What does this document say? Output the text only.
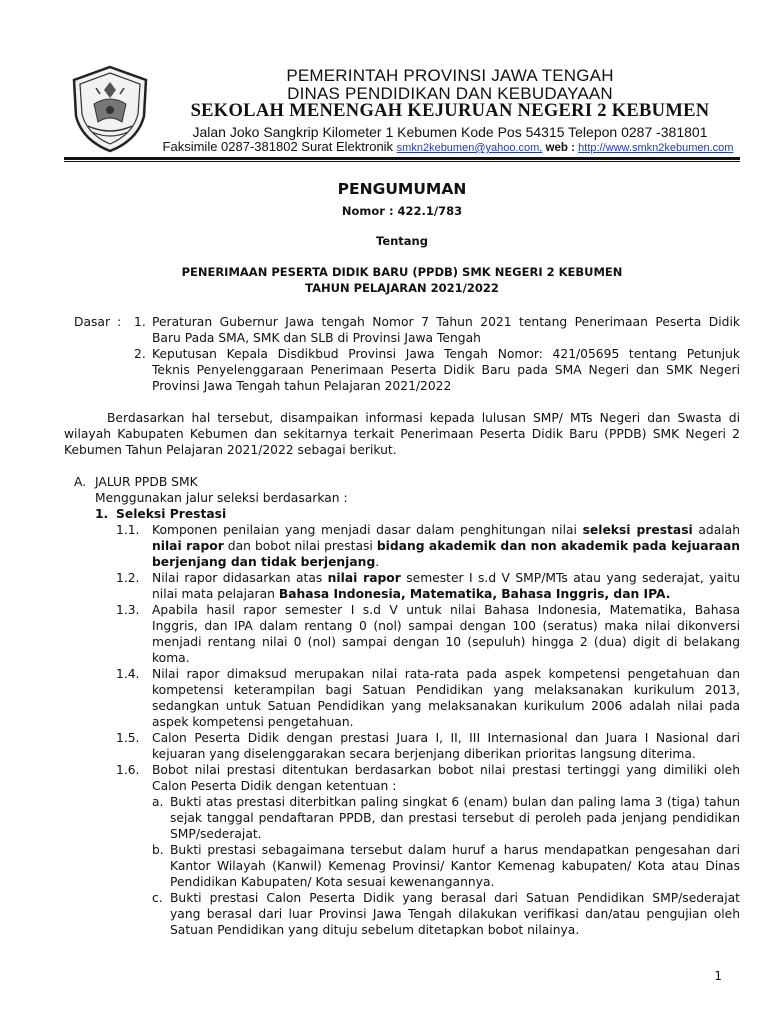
PEMERINTAH PROVINSI JAWA TENGAH
DINAS PENDIDIKAN DAN KEBUDAYAAN
SEKOLAH MENENGAH KEJURUAN NEGERI 2 KEBUMEN
Jalan Joko Sangkrip Kilometer 1 Kebumen Kode Pos 54315 Telepon 0287 -381801
Faksimile 0287-381802 Surat Elektronik smkn2kebumen@yahoo.com, web : http://www.smkn2kebumen.com
PENGUMUMAN
Nomor : 422.1/783
Tentang
PENERIMAAN PESERTA DIDIK BARU (PPDB) SMK NEGERI 2 KEBUMEN
TAHUN PELAJARAN 2021/2022
Dasar : 1. Peraturan Gubernur Jawa tengah Nomor 7 Tahun 2021 tentang Penerimaan Peserta Didik
Baru Pada SMA, SMK dan SLB di Provinsi Jawa Tengah
2. Keputusan Kepala Disdikbud Provinsi Jawa Tengah Nomor: 421/05695 tentang Petunjuk
Teknis Penyelenggaraan Penerimaan Peserta Didik Baru pada SMA Negeri dan SMK Negeri
Provinsi Jawa Tengah tahun Pelajaran 2021/2022
Berdasarkan hal tersebut, disampaikan informasi kepada lulusan SMP/ MTs Negeri dan Swasta di
wilayah Kabupaten Kebumen dan sekitarnya terkait Penerimaan Peserta Didik Baru (PPDB) SMK Negeri 2
Kebumen Tahun Pelajaran 2021/2022 sebagai berikut.
A. JALUR PPDB SMK
Menggunakan jalur seleksi berdasarkan :
1. Seleksi Prestasi
1.1. Komponen penilaian yang menjadi dasar dalam penghitungan nilai seleksi prestasi adalah
nilai rapor dan bobot nilai prestasi bidang akademik dan non akademik pada kejuaraan
berjenjang dan tidak berjenjang.
1.2. Nilai rapor didasarkan atas nilai rapor semester I s.d V SMP/MTs atau yang sederajat, yaitu
nilai mata pelajaran Bahasa Indonesia, Matematika, Bahasa Inggris, dan IPA.
1.3. Apabila hasil rapor semester I s.d V untuk nilai Bahasa Indonesia, Matematika, Bahasa
Inggris, dan IPA dalam rentang 0 (nol) sampai dengan 100 (seratus) maka nilai dikonversi
menjadi rentang nilai 0 (nol) sampai dengan 10 (sepuluh) hingga 2 (dua) digit di belakang
koma.
1.4. Nilai rapor dimaksud merupakan nilai rata-rata pada aspek kompetensi pengetahuan dan
kompetensi keterampilan bagi Satuan Pendidikan yang melaksanakan kurikulum 2013,
sedangkan untuk Satuan Pendidikan yang melaksanakan kurikulum 2006 adalah nilai pada
aspek kompetensi pengetahuan.
1.5. Calon Peserta Didik dengan prestasi Juara I, II, III Internasional dan Juara I Nasional dari
kejuaran yang diselenggarakan secara berjenjang diberikan prioritas langsung diterima.
1.6. Bobot nilai prestasi ditentukan berdasarkan bobot nilai prestasi tertinggi yang dimiliki oleh
Calon Peserta Didik dengan ketentuan :
a. Bukti atas prestasi diterbitkan paling singkat 6 (enam) bulan dan paling lama 3 (tiga) tahun
sejak tanggal pendaftaran PPDB, dan prestasi tersebut di peroleh pada jenjang pendidikan
SMP/sederajat.
b. Bukti prestasi sebagaimana tersebut dalam huruf a harus mendapatkan pengesahan dari
Kantor Wilayah (Kanwil) Kemenag Provinsi/ Kantor Kemenag kabupaten/ Kota atau Dinas
Pendidikan Kabupaten/ Kota sesuai kewenangannya.
c. Bukti prestasi Calon Peserta Didik yang berasal dari Satuan Pendidikan SMP/sederajat
yang berasal dari luar Provinsi Jawa Tengah dilakukan verifikasi dan/atau pengujian oleh
Satuan Pendidikan yang dituju sebelum ditetapkan bobot nilainya.
1
